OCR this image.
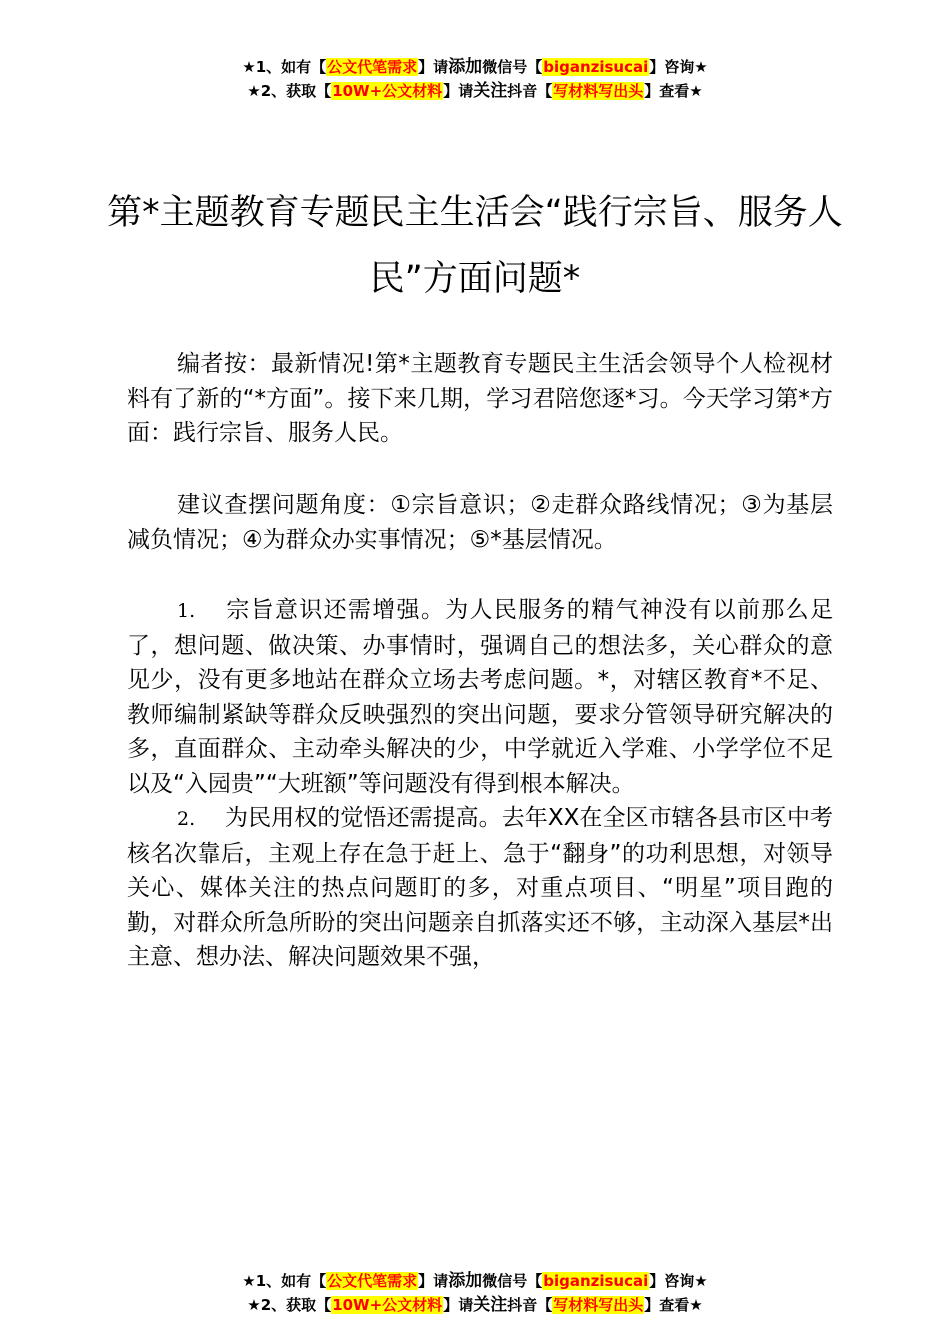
★1、如有【公文代笔需求】请添加微信号【biganzisucai】咨询★
★2、获取【10W+公文材料】请关注抖音【写材料写出头】查看★
第*主题教育专题民主生活会“践行宗旨、服务人民”方面问题*

编者按：最新情况!第*主题教育专题民主生活会领导个人检视材料有了新的“*方面”。接下来几期，学习君陪您逐*习。今天学习第*方面：践行宗旨、服务人民。

建议查摆问题角度：①宗旨意识；②走群众路线情况；③为基层减负情况；④为群众办实事情况；⑤*基层情况。

1. 宗旨意识还需增强。为人民服务的精气神没有以前那么足了，想问题、做决策、办事情时，强调自己的想法多，关心群众的意见少，没有更多地站在群众立场去考虑问题。*，对辖区教育*不足、教师编制紧缺等群众反映强烈的突出问题，要求分管领导研究解决的多，直面群众、主动牵头解决的少，中学就近入学难、小学学位不足以及“入园贵”“大班额”等问题没有得到根本解决。

2. 为民用权的觉悟还需提高。去年XX在全区市辖各县市区中考核名次靠后，主观上存在急于赶上、急于“翻身”的功利思想，对领导关心、媒体关注的热点问题盯的多，对重点项目、“明星”项目跑的勤，对群众所急所盼的突出问题亲自抓落实还不够，主动深入基层*出主意、想办法、解决问题效果不强，

★1、如有【公文代笔需求】请添加微信号【biganzisucai】咨询★
★2、获取【10W+公文材料】请关注抖音【写材料写出头】查看★
